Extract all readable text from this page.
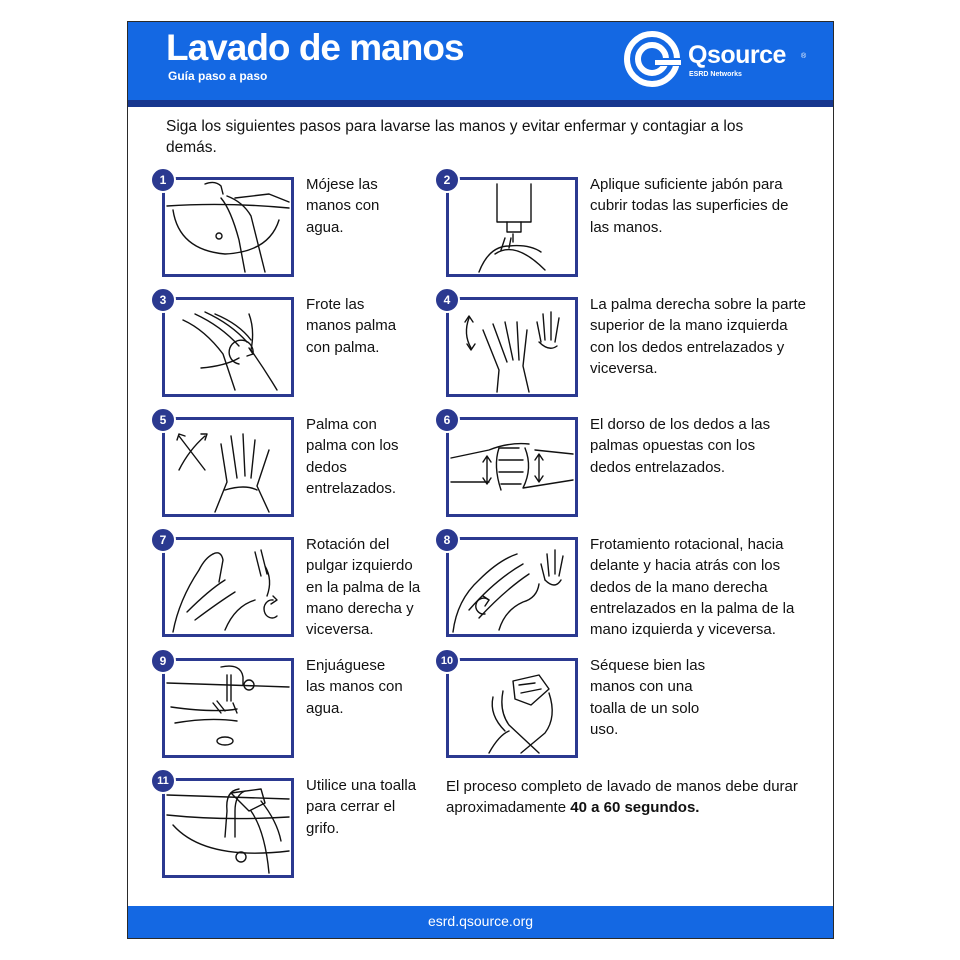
Lavado de manos
Guía paso a paso
Qsource ®
ESRD Networks
Siga los siguientes pasos para lavarse las manos y evitar enfermar y contagiar a los demás.
1	Mójese las manos con agua.
2	Aplique suficiente jabón para cubrir todas las superficies de las manos.
3	Frote las manos palma con palma.
4	La palma derecha sobre la parte superior de la mano izquierda con los dedos entrelazados y viceversa.
5	Palma con palma con los dedos entrelazados.
6	El dorso de los dedos a las palmas opuestas con los dedos entrelazados.
7	Rotación del pulgar izquierdo en la palma de la mano derecha y viceversa.
8	Frotamiento rotacional, hacia delante y hacia atrás con los dedos de la mano derecha entrelazados en la palma de la mano izquierda y viceversa.
9	Enjuáguese las manos con agua.
10	Séquese bien las manos con una toalla de un solo uso.
11	Utilice una toalla para cerrar el grifo.
El proceso completo de lavado de manos debe durar aproximadamente 40 a 60 segundos.
esrd.qsource.org
